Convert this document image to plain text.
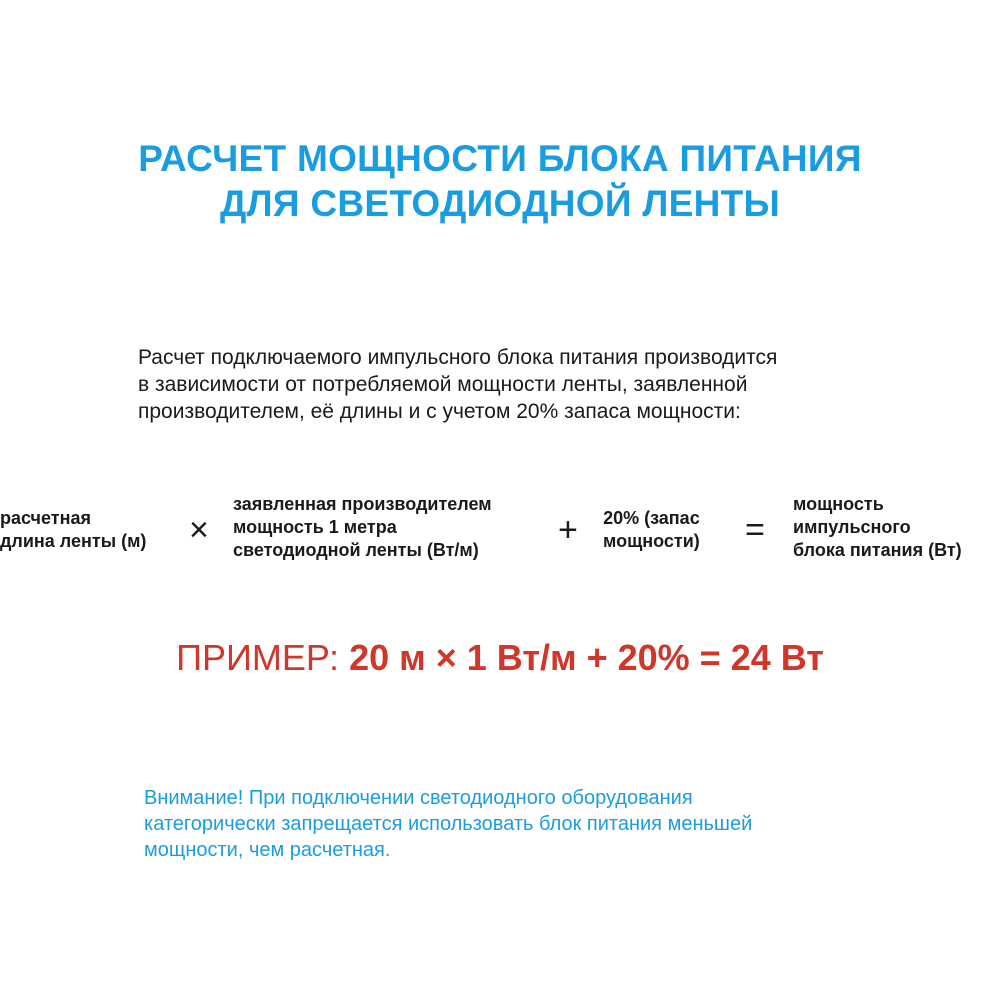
РАСЧЕТ МОЩНОСТИ БЛОКА ПИТАНИЯ
ДЛЯ СВЕТОДИОДНОЙ ЛЕНТЫ
Расчет подключаемого импульсного блока питания производится
в зависимости от потребляемой мощности ленты, заявленной
производителем, её длины и с учетом 20% запаса мощности:
расчетная
длина ленты (м) ×
заявленная производителем
мощность 1 метра
светодиодной ленты (Вт/м)
+ 20% (запас
мощности) =
мощность
импульсного
блока питания (Вт)
ПРИМЕР: 20 м × 1 Вт/м + 20% = 24 Вт
Внимание! При подключении светодиодного оборудования
категорически запрещается использовать блок питания меньшей
мощности, чем расчетная.
